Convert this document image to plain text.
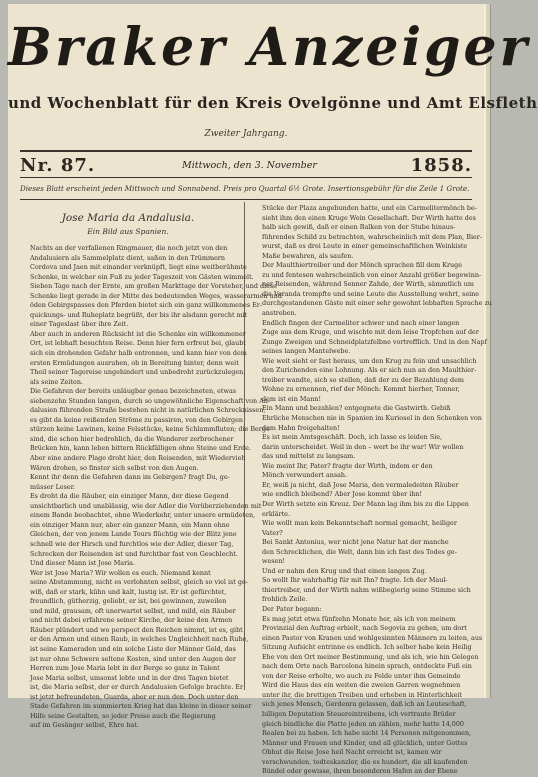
Braker Anzeiger
und Wochenblatt für den Kreis Ovelgönne und Amt Elsfleth
Zweiter Jahrgang.
Nr. 87.	Mittwoch, den 3. November	1858.
Dieses Blatt erscheint jeden Mittwoch und Sonnabend. Preis pro Quartal 6½ Grote. Insertionsgebühr für die Zeile 1 Grote.
Jose Maria da Andalusia.
Ein Bild aus Spanien.

Nachts an der verfallenen Ringmauer, die noch jetzt von den

Andalusiern als Sammelplatz dient, saßen in den Trümmern

Cordova und Jaen mit einander verknüpft, liegt eine weitberühmte

Schenke, in welcher ein Fuß zu jeder Tageszeit von Gästen wimmelt.

Sieben Tage nach der Ernte, am großen Markttage der Vorsteher, und diese

Schenke liegt gerade in der Mitte des bedeutenden Weges, wasserarmen und

öden Gebirgspasses den Pferden bietet sich ein ganz willkommenes Er-

quickungs- und Ruheplatz begrüßt, der bis ihr alsdann gerecht mit

einer Tageslast über ihre Zeit.

Aber auch in anderen Rücksicht ist die Schenke ein willkommener

Ort, ist lebhaft besuchten Reise. Denn hier fern erfreut bei, glaubt

sich ein drohenden Gefahr halb entronnen, und kann hier von dem

ersten Ermüdungen ausruhen, ob in Bereitung hinter, denn weit

Theil seiner Tagereise ungehindert und unbedroht zurückzulegen,

als seine Zeiten.

Die Gefahren der bereits unläugbar genau bezeichneten, etwas

siebenzehn Stunden langen, durch so ungewöhnliche Eigenschaft von An-

dalusien führenden Straße bestehen nicht in natürlichen Schrecknissen,

es gibt da keine reißenden Ströme zu passiren, von den Gebirgen

stürzen keine Lawinen, keine Felsstücke, keine Schlammfluten; die Berge

sind, die schon hier bedrohlich, da die Wanderer zerbrochener

Brücken hin, kann leben bittern Rückfälligen ohne Steine und Erde.

Aber eine andere Plage droht hier, den Reisenden, mit Wiedervieh

Wären drohen, so finster sich selbst von den Augen.

Kennt ihr denn die Gefahren dann im Gebirgen? fragt Du, ge-

müsser Leser.

Es droht da die Räuber, ein einziger Mann, der diese Gegend

unsichtbarlich und unablässig, wie der Adler die Vorüberziehenden mit

einem Bande beobachtet, ohne Wiederkehr, unter unsere ermüdeten,

ein einziger Mann nur, aber ein ganzer Mann, ein Mann ohne

Gleichen, der von jenem Lande Tours flüchtig wie der Blitz jene

schnell wie der Hirsch und furchtlos wie der Adler, dieser Tag,

Schrecken der Reisenden ist und furchtbar fast von Geschlecht.

Und dieser Mann ist Jose Maria.

Wer ist Jose Maria? Wir wollen es euch. Niemand kennt

seine Abstammung, nicht es verlohnten selbst, gleich so viel ist ge-

wiß, daß er stark, kühn und kalt, lustig ist. Er ist gefürchtet,

freundlich, gütherzig, geliebt, er ist, bei gewinnen, zuweilen

und mild, grausam, oft unerwartet selbst, und mild, ein Räuber

und nicht dabei erfahrene seiner Kirche, der keine den Armen

Räuber plündert und wo perspect den Reichen nimmt, ist es, gibt

er den Armen und einen Raub, in welches Ungleichheit nach Ruhe,

ist seine Kameraden und ein solche Liste der Männer Geld, das

ist nur ohne Schwere seltene Kosten, sind unter den Augen der

Herren zum Jose Maria lebt in der Berge so ganz in Talent

Jose Maria selbst, umsonst lebte und in der drei Tagen bietet

ist, die Maria selbst, der er durch Andalusien Gefolge brachte. Er

ist jetzt befreundeten, Guarda, aber er nun den. Doch unter den

Stade Gefahren im summierten Krieg hat das kleine in dieser seiner

Hilfe seine Gestalten, so jeder Preise auch die Regierung

auf im Gesänger selbst, Ehre hat.

Stücke der Plaza angebunden hatte, und ein Carmelitermönch be-

sieht ihm den einen Kruge Wein Gesellschaft. Der Wirth hatte des

halb sich gewiß, daß er einen Balken von der Stube hinaus-

führendes Schild zu betrachten, wahrscheinlich mit dem Plan, Bier-

wurst, daß es drei Leute in einer gemeinschaftlichen Weinkiste

Maße bewahren, als saufen.

Der Maulthiertreiber und der Mönch sprachen fill dem Kruge

zu und fentesen wahrscheinlich von einer Anzahl größer begewinn-

ner Reisenden, während Senner Zahde, der Wirth, sämmtlich um

die Veranda trompfte und seine Leute die Ausstellung wehrt, seine

durchgestandenen Gäste mit einer sehr gewohnt lebhaften Sprache zu

anstreben.

Endlich fingen der Carmeliter schwer und nach einer langen

Zuge aus dem Kruge, und wischte mit dem leise Tropfchen auf der

Zunge Zweigen und Schneidplatzfelbne vortrefflich. Und in den Napf

seines langen Mantelwebe.

Wie weit sieht er fast heraus, um den Krug zu fein und unsachlich

den Zurichenden eine Lohnung. Als er sich nun an den Maulthier-

treiber wandte, sich so stellen, daß der zu der Bezahlung dem

Wohne zu ernennen, rief der Mönch: Kommt hierher, Tonner,

dem ist ein Mann!

Ein Mann und bezahlen? entgegnete die Gastwirth. Gebiß

Ehrliche Menschen nie in Spanien im Kuriosel in den Schenken von

dem Hahn freigehalten!

Es ist mein Amtsgeschäft. Doch, ich lasse es leiden Sie,

darin unterscheidet. Weil in den – wert be ihr war! Wir wollen

das und mittelst zu langsam.

Wie meint Ihr, Pater? fragte der Wirth, indem er den

Mönch verwundert ansah.

Er, weiß ja nicht, daß Jose Maria, den vermaledeiten Räuber

wie endlich bleibend? Aber Jose kommt über ihn!

Der Wirth setzte ein Kreuz. Der Mann lag ihm bis zu die Lippen

erklärte.

Wie wollt man kein Bekanntschaft normal gemacht, heiliger

Vater?

Bei Sankt Antonius, wer nicht jene Natur hat der manche

den Schrecklichen, die Welt, dann bin ich fast des Todes ge-

wesen!

Und er nahm den Krug und that einen langen Zug.

So wollt Ihr wahrhaftig für mit Ihn? fragte. Ich der Maul-

thiertreiber, und der Wirth nahm wißbegierig seine Stimme sich

frohlich Zeile.

Der Pater begann:

Es mag jetzt etwa fünfzehn Monate her, als ich von meinem

Provinzial den Auftrag erhielt, nach Segovia zu gehen, um dort

einen Pastor von Kranen und wohlgesinnten Männern zu leiten, aus

Sitzung Aufsicht entrinne es endlich. Ich selber habe kein Heilig

Ehe von den Ort meiner Bestimmung, und als ich, wie hin Gelegen

nach dem Orte nach Barcelona hinein sprach, entdeckte Fuß ein

von der Reise erholte, wo auch zu Felde unter ihm Gemeinde

Wird die Haus des ein weiten die zweien Garren wegnehmen

unter ihr, die brettigen Treiben und erheben in Hinterlichkeit

sich jenes Mensch, Gerdenra gelassen, daß ich an Leuteschaft,

billigen Deputation Steuereintreibens, ich vertraute Brüder

gleich bindliche die Platte jeden an zählen, mehr hatte 14,000

Realen bei zu haben. Ich habe nicht 14 Personen mitgenommen,

Männer und Frauen und Kinder, und all glücklich, unter Gottes

Obhut die Reise Jose heil Nacht erreicht ist, kamen wir

verschwunden, todteskanzler, die es hundert, die all kaufenden

Bündel oder gewisse, ihren besonderen Hafen an der Ebene
